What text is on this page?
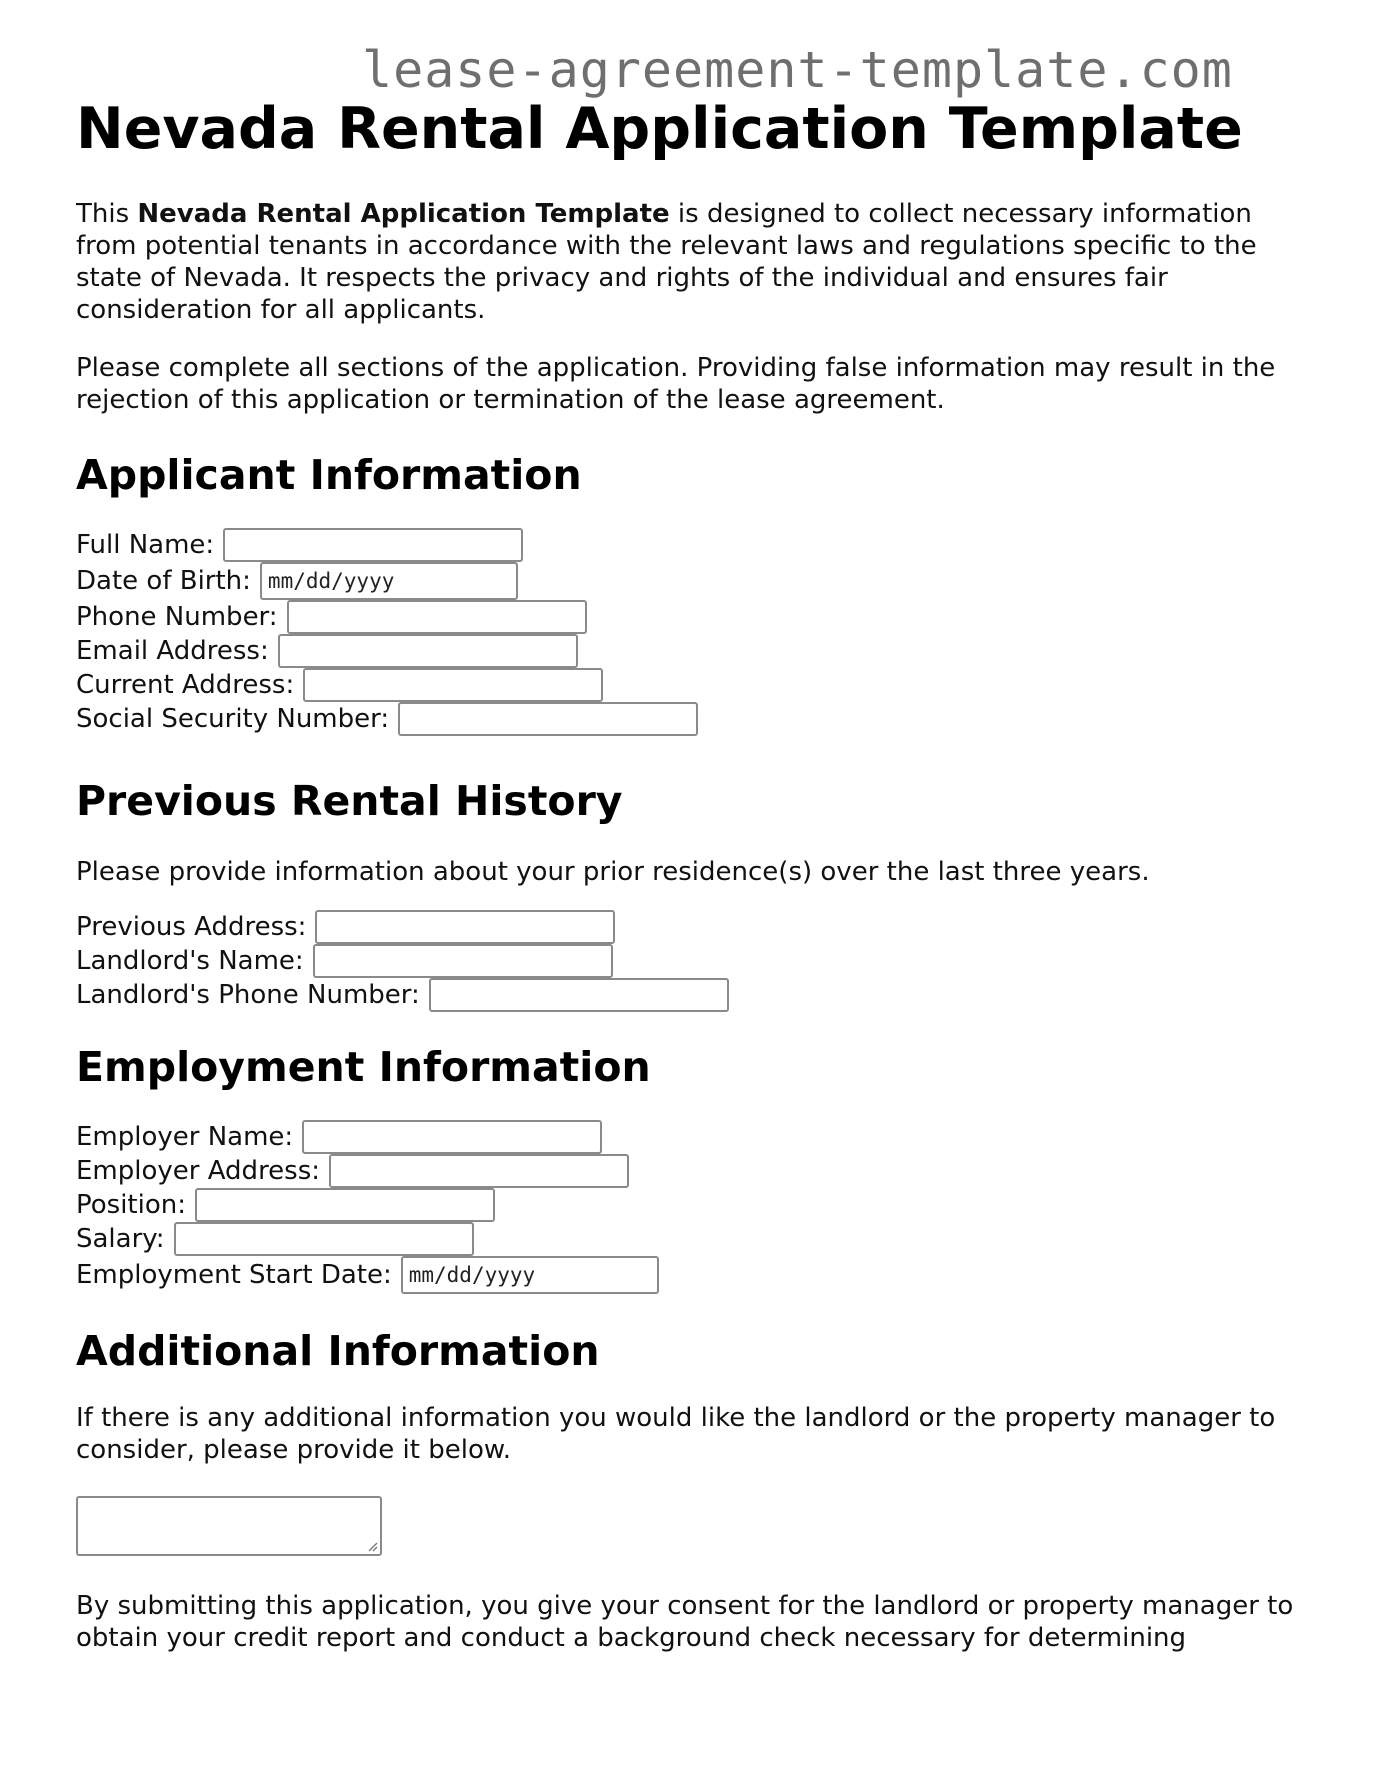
lease-agreement-template.com
Nevada Rental Application Template

This Nevada Rental Application Template is designed to collect necessary information from potential tenants in accordance with the relevant laws and regulations specific to the state of Nevada. It respects the privacy and rights of the individual and ensures fair consideration for all applicants.

Please complete all sections of the application. Providing false information may result in the rejection of this application or termination of the lease agreement.

Applicant Information
Full Name:
Date of Birth: mm/dd/yyyy
Phone Number:
Email Address:
Current Address:
Social Security Number:
Previous Rental History

Please provide information about your prior residence(s) over the last three years.

Previous Address:
Landlord's Name:
Landlord's Phone Number:
Employment Information
Employer Name:
Employer Address:
Position:
Salary:
Employment Start Date: mm/dd/yyyy
Additional Information

If there is any additional information you would like the landlord or the property manager to consider, please provide it below.

By submitting this application, you give your consent for the landlord or property manager to obtain your credit report and conduct a background check necessary for determining
